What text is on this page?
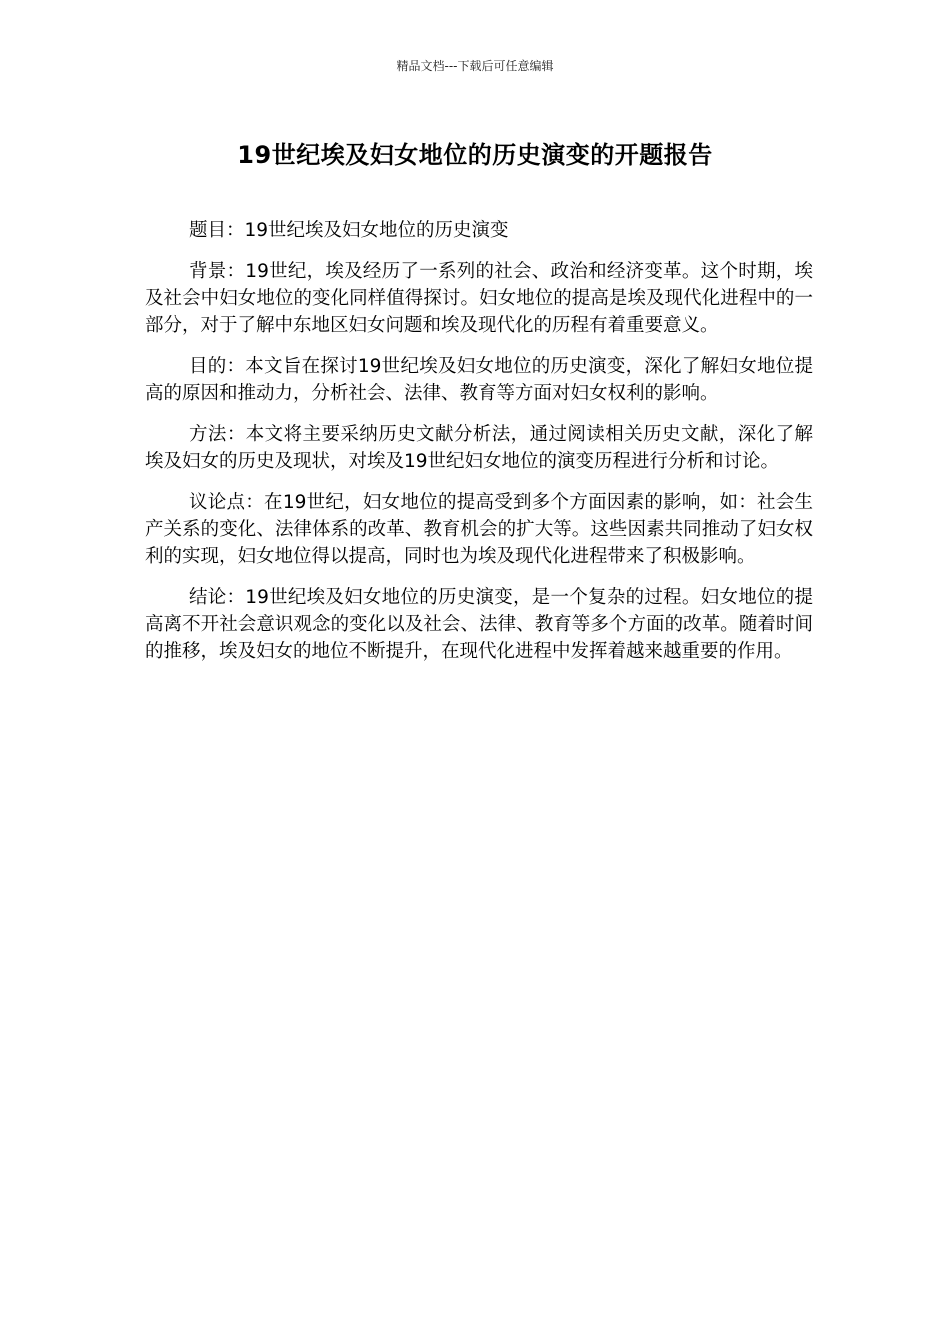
精品文档---下载后可任意编辑
19世纪埃及妇女地位的历史演变的开题报告

题目：19世纪埃及妇女地位的历史演变

背景：19世纪，埃及经历了一系列的社会、政治和经济变革。这个时期，埃及社会中妇女地位的变化同样值得探讨。妇女地位的提高是埃及现代化进程中的一部分，对于了解中东地区妇女问题和埃及现代化的历程有着重要意义。

目的：本文旨在探讨19世纪埃及妇女地位的历史演变，深化了解妇女地位提高的原因和推动力，分析社会、法律、教育等方面对妇女权利的影响。

方法：本文将主要采纳历史文献分析法，通过阅读相关历史文献，深化了解埃及妇女的历史及现状，对埃及19世纪妇女地位的演变历程进行分析和讨论。

议论点：在19世纪，妇女地位的提高受到多个方面因素的影响，如：社会生产关系的变化、法律体系的改革、教育机会的扩大等。这些因素共同推动了妇女权利的实现，妇女地位得以提高，同时也为埃及现代化进程带来了积极影响。

结论：19世纪埃及妇女地位的历史演变，是一个复杂的过程。妇女地位的提高离不开社会意识观念的变化以及社会、法律、教育等多个方面的改革。随着时间的推移，埃及妇女的地位不断提升，在现代化进程中发挥着越来越重要的作用。
